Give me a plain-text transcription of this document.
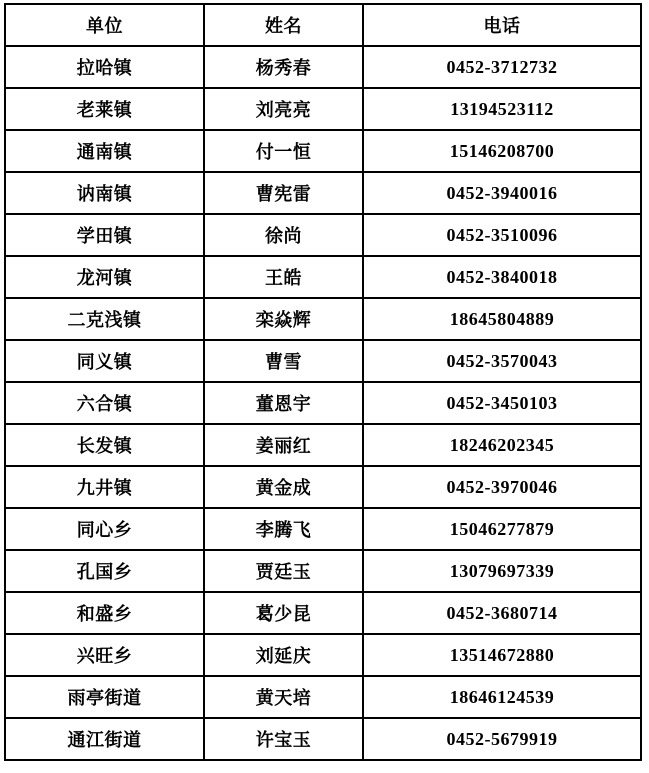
单位	姓名	电话
拉哈镇	杨秀春	0452-3712732
老莱镇	刘亮亮	13194523112
通南镇	付一恒	15146208700
讷南镇	曹宪雷	0452-3940016
学田镇	徐尚	0452-3510096
龙河镇	王皓	0452-3840018
二克浅镇	栾焱辉	18645804889
同义镇	曹雪	0452-3570043
六合镇	董恩宇	0452-3450103
长发镇	姜丽红	18246202345
九井镇	黄金成	0452-3970046
同心乡	李腾飞	15046277879
孔国乡	贾廷玉	13079697339
和盛乡	葛少昆	0452-3680714
兴旺乡	刘延庆	13514672880
雨亭街道	黄天培	18646124539
通江街道	许宝玉	0452-5679919
